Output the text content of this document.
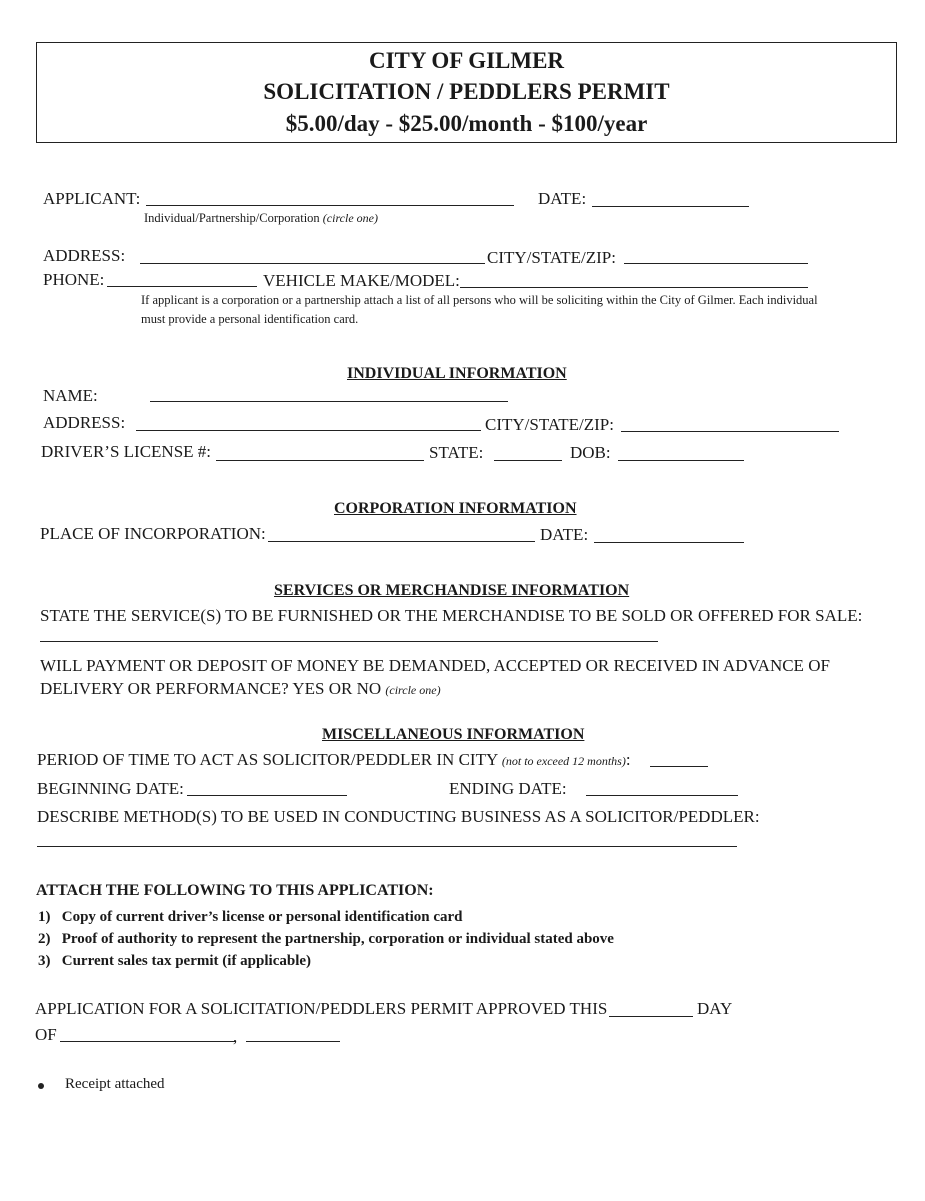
CITY OF GILMER
SOLICITATION / PEDDLERS PERMIT
$5.00/day - $25.00/month - $100/year
APPLICANT:	DATE:
Individual/Partnership/Corporation (circle one)
ADDRESS:	CITY/STATE/ZIP:
PHONE:	VEHICLE MAKE/MODEL:
If applicant is a corporation or a partnership attach a list of all persons who will be soliciting within the City of Gilmer. Each individual
must provide a personal identification card.
INDIVIDUAL INFORMATION
NAME:
ADDRESS:	CITY/STATE/ZIP:
DRIVER’S LICENSE #:	STATE:	DOB:
CORPORATION INFORMATION
PLACE OF INCORPORATION:	DATE:
SERVICES OR MERCHANDISE INFORMATION
STATE THE SERVICE(S) TO BE FURNISHED OR THE MERCHANDISE TO BE SOLD OR OFFERED FOR SALE:
WILL PAYMENT OR DEPOSIT OF MONEY BE DEMANDED, ACCEPTED OR RECEIVED IN ADVANCE OF
DELIVERY OR PERFORMANCE? YES OR NO (circle one)
MISCELLANEOUS INFORMATION
PERIOD OF TIME TO ACT AS SOLICITOR/PEDDLER IN CITY (not to exceed 12 months):
BEGINNING DATE:	ENDING DATE:
DESCRIBE METHOD(S) TO BE USED IN CONDUCTING BUSINESS AS A SOLICITOR/PEDDLER:
ATTACH THE FOLLOWING TO THIS APPLICATION:
1) Copy of current driver’s license or personal identification card
2) Proof of authority to represent the partnership, corporation or individual stated above
3) Current sales tax permit (if applicable)
APPLICATION FOR A SOLICITATION/PEDDLERS PERMIT APPROVED THIS	DAY
OF	,
Receipt attached
